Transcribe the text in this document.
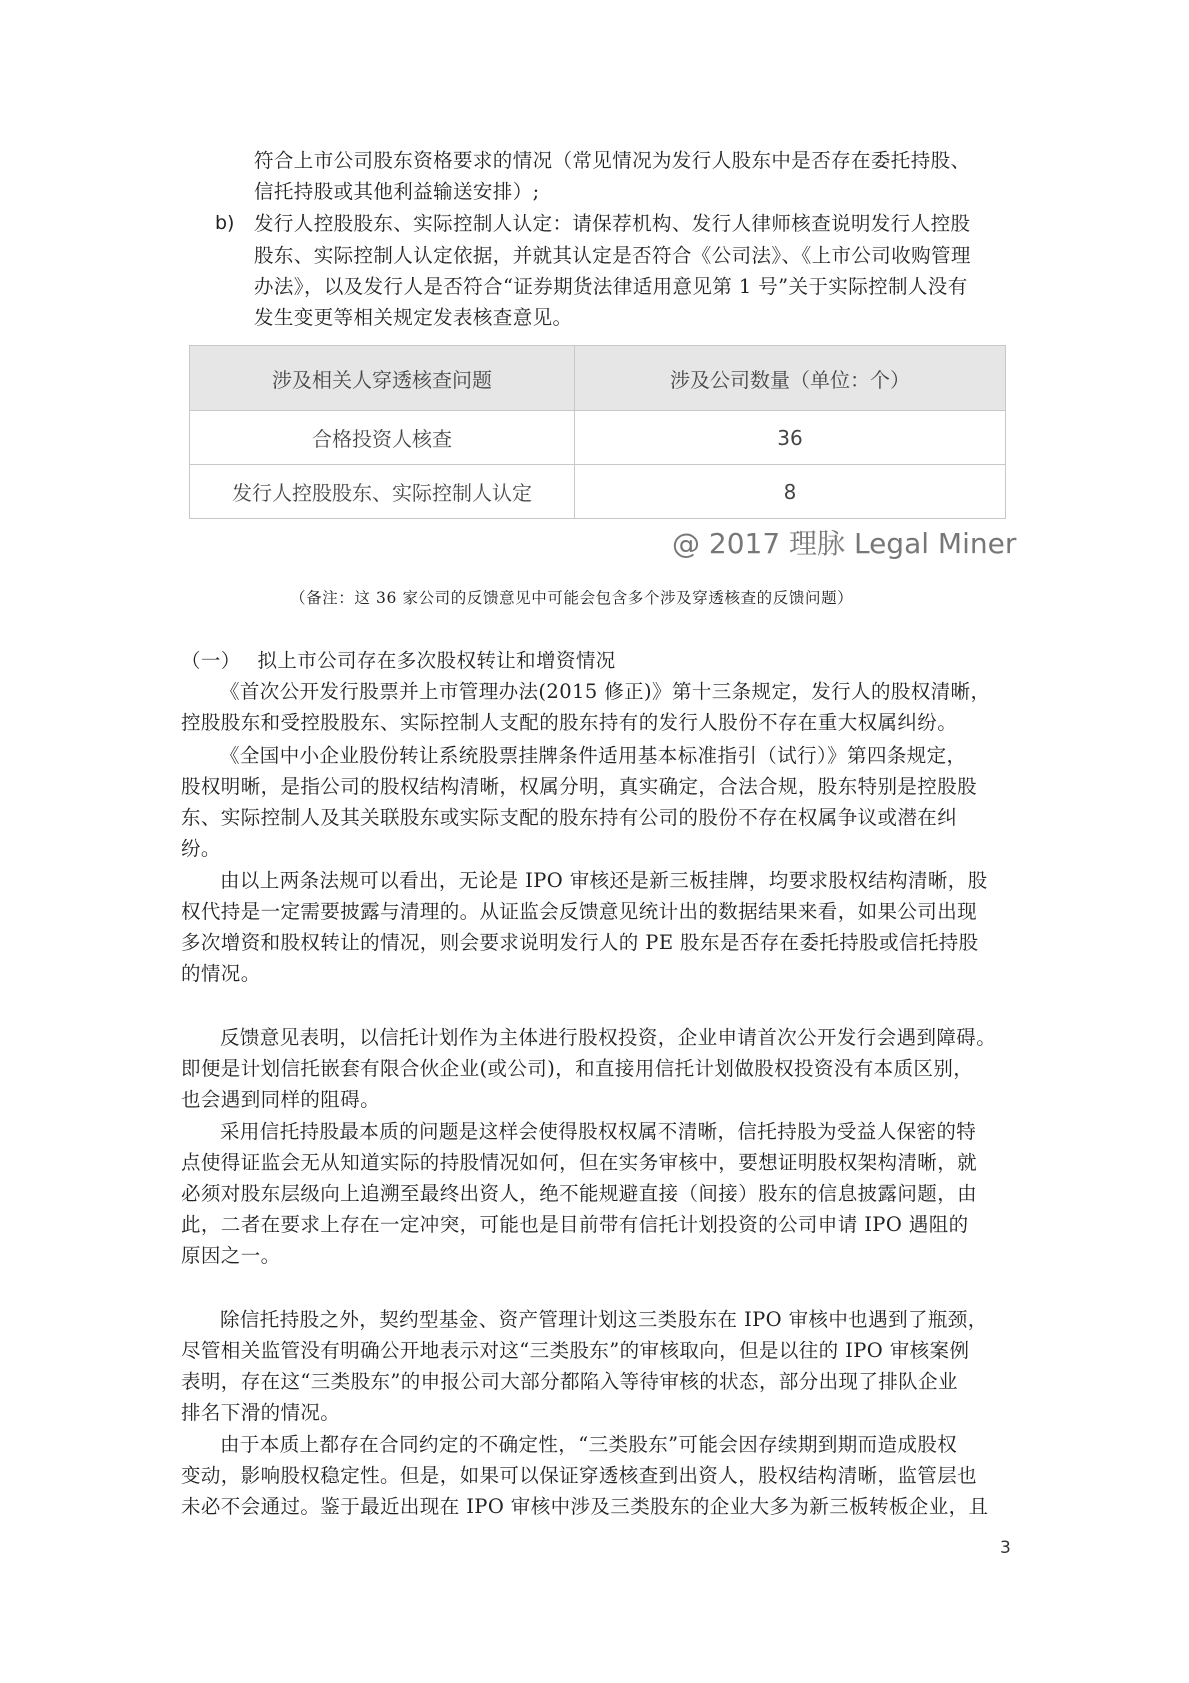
符合上市公司股东资格要求的情况（常见情况为发行人股东中是否存在委托持股、
信托持股或其他利益输送安排）;
b) 发行人控股股东、实际控制人认定：请保荐机构、发行人律师核查说明发行人控股
股东、实际控制人认定依据，并就其认定是否符合《公司法》、《上市公司收购管理
办法》，以及发行人是否符合“证券期货法律适用意见第 1 号”关于实际控制人没有
发生变更等相关规定发表核查意见。
涉及相关人穿透核查问题	涉及公司数量（单位：个）
合格投资人核查	36
发行人控股股东、实际控制人认定	8
@ 2017 理脉 Legal Miner
（备注：这 36 家公司的反馈意见中可能会包含多个涉及穿透核查的反馈问题）
（一）　 拟上市公司存在多次股权转让和增资情况
《首次公开发行股票并上市管理办法(2015 修正)》第十三条规定，发行人的股权清晰，
控股股东和受控股股东、实际控制人支配的股东持有的发行人股份不存在重大权属纠纷。
《全国中小企业股份转让系统股票挂牌条件适用基本标准指引（试行）》第四条规定，
股权明晰，是指公司的股权结构清晰，权属分明，真实确定，合法合规，股东特别是控股股
东、实际控制人及其关联股东或实际支配的股东持有公司的股份不存在权属争议或潜在纠
纷。
由以上两条法规可以看出，无论是 IPO 审核还是新三板挂牌，均要求股权结构清晰，股
权代持是一定需要披露与清理的。从证监会反馈意见统计出的数据结果来看，如果公司出现
多次增资和股权转让的情况，则会要求说明发行人的 PE 股东是否存在委托持股或信托持股
的情况。
反馈意见表明，以信托计划作为主体进行股权投资，企业申请首次公开发行会遇到障碍。
即便是计划信托嵌套有限合伙企业(或公司)，和直接用信托计划做股权投资没有本质区别，
也会遇到同样的阻碍。
采用信托持股最本质的问题是这样会使得股权权属不清晰，信托持股为受益人保密的特
点使得证监会无从知道实际的持股情况如何，但在实务审核中，要想证明股权架构清晰，就
必须对股东层级向上追溯至最终出资人，绝不能规避直接（间接）股东的信息披露问题，由
此，二者在要求上存在一定冲突，可能也是目前带有信托计划投资的公司申请 IPO 遇阻的
原因之一。
除信托持股之外，契约型基金、资产管理计划这三类股东在 IPO 审核中也遇到了瓶颈，
尽管相关监管没有明确公开地表示对这“三类股东”的审核取向，但是以往的 IPO 审核案例
表明，存在这“三类股东”的申报公司大部分都陷入等待审核的状态，部分出现了排队企业
排名下滑的情况。
由于本质上都存在合同约定的不确定性，“三类股东”可能会因存续期到期而造成股权
变动，影响股权稳定性。但是，如果可以保证穿透核查到出资人，股权结构清晰，监管层也
未必不会通过。鉴于最近出现在 IPO 审核中涉及三类股东的企业大多为新三板转板企业，且
3
